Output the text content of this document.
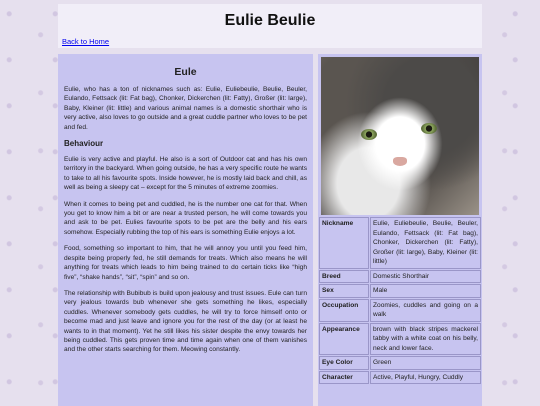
Eulie Beulie
Back to Home
Eule

Eulie, who has a ton of nicknames such as: Eulie, Euliebeulie, Beulie, Beuler, Eulando, Fettsack (lit: Fat bag), Chonker, Dickerchen (lit: Fatty), Großer (lit: large), Baby, Kleiner (lit: little) and various animal names is a domestic shorthair who is very active, also loves to go outside and a great cuddle partner who loves to be pet and fed.

Behaviour

Eulie is very active and playful. He also is a sort of Outdoor cat and has his own territory in the backyard. When going outside, he has a very specific route he wants to take to all his favourite spots. Inside however, he is mostly laid back and chill, as well as being a sleepy cat – except for the 5 minutes of extreme zoomies.

When it comes to being pet and cuddled, he is the number one cat for that. When you get to know him a bit or are near a trusted person, he will come towards you and ask to be pet. Eulies favourite spots to be pet are the belly and his ears somehow. Especially rubbing the top of his ears is something Eulie enjoys a lot.

Food, something so important to him, that he will annoy you until you feed him, despite being properly fed, he still demands for treats. Which also means he will anything for treats which leads to him being trained to do certain ticks like “high five”, “shake hands”, “sit”, “spin” and so on.

The relationship with Bubibub is build upon jealousy and trust issues. Eule can turn very jealous towards bub whenever she gets something he likes, especially cuddles. Whenever somebody gets cuddles, he will try to force himself onto or become mad and just leave and ignore you for the rest of the day (or at least he wants to in that moment). Yet he still likes his sister despite the envy towards her being cuddled. This gets proven time and time again when one of them vanishes and the other starts searching for them. Meowing constantly.

Nickname	Eulie, Euliebeulie, Beulie, Beuler, Eulando, Fettsack (lit: Fat bag), Chonker, Dickerchen (lit: Fatty), Großer (lit: large), Baby, Kleiner (lit: little)
Breed	Domestic Shorthair
Sex	Male
Occupation	Zoomies, cuddles and going on a walk
Appearance	brown with black stripes mackerel tabby with a white coat on his belly, neck and lower face.
Eye Color	Green
Character	Active, Playful, Hungry, Cuddly
